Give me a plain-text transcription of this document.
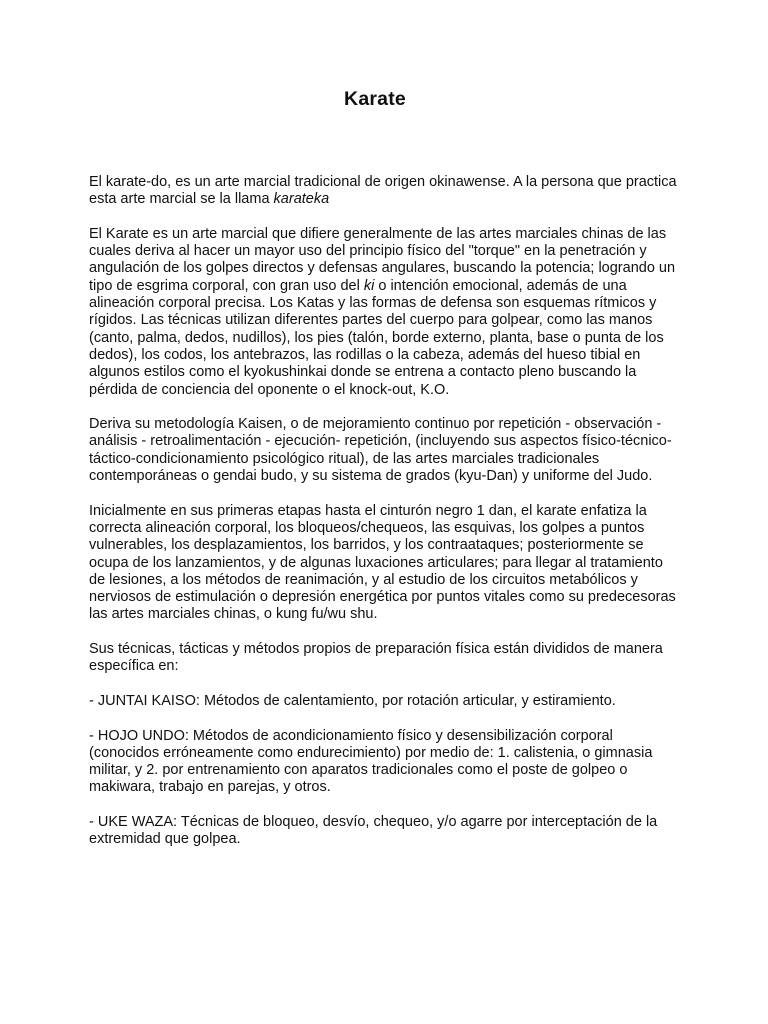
Karate

El karate-do, es un arte marcial tradicional de origen okinawense. A la persona que practica esta arte marcial se la llama karateka

El Karate es un arte marcial que difiere generalmente de las artes marciales chinas de las cuales deriva al hacer un mayor uso del principio físico del "torque" en la penetración y angulación de los golpes directos y defensas angulares, buscando la potencia; logrando un tipo de esgrima corporal, con gran uso del ki o intención emocional, además de una alineación corporal precisa. Los Katas y las formas de defensa son esquemas rítmicos y rígidos. Las técnicas utilizan diferentes partes del cuerpo para golpear, como las manos (canto, palma, dedos, nudillos), los pies (talón, borde externo, planta, base o punta de los dedos), los codos, los antebrazos, las rodillas o la cabeza, además del hueso tibial en algunos estilos como el kyokushinkai donde se entrena a contacto pleno buscando la pérdida de conciencia del oponente o el knock-out, K.O.

Deriva su metodología Kaisen, o de mejoramiento continuo por repetición - observación - análisis - retroalimentación - ejecución- repetición, (incluyendo sus aspectos físico-técnico-táctico-condicionamiento psicológico ritual), de las artes marciales tradicionales contemporáneas o gendai budo, y su sistema de grados (kyu-Dan) y uniforme del Judo.

Inicialmente en sus primeras etapas hasta el cinturón negro 1 dan, el karate enfatiza la correcta alineación corporal, los bloqueos/chequeos, las esquivas, los golpes a puntos vulnerables, los desplazamientos, los barridos, y los contraataques; posteriormente se ocupa de los lanzamientos, y de algunas luxaciones articulares; para llegar al tratamiento de lesiones, a los métodos de reanimación, y al estudio de los circuitos metabólicos y nerviosos de estimulación o depresión energética por puntos vitales como su predecesoras las artes marciales chinas, o kung fu/wu shu.

Sus técnicas, tácticas y métodos propios de preparación física están divididos de manera específica en:

- JUNTAI KAISO: Métodos de calentamiento, por rotación articular, y estiramiento.

- HOJO UNDO: Métodos de acondicionamiento físico y desensibilización corporal (conocidos erróneamente como endurecimiento) por medio de: 1. calistenia, o gimnasia militar, y 2. por entrenamiento con aparatos tradicionales como el poste de golpeo o makiwara, trabajo en parejas, y otros.

- UKE WAZA: Técnicas de bloqueo, desvío, chequeo, y/o agarre por interceptación de la extremidad que golpea.
